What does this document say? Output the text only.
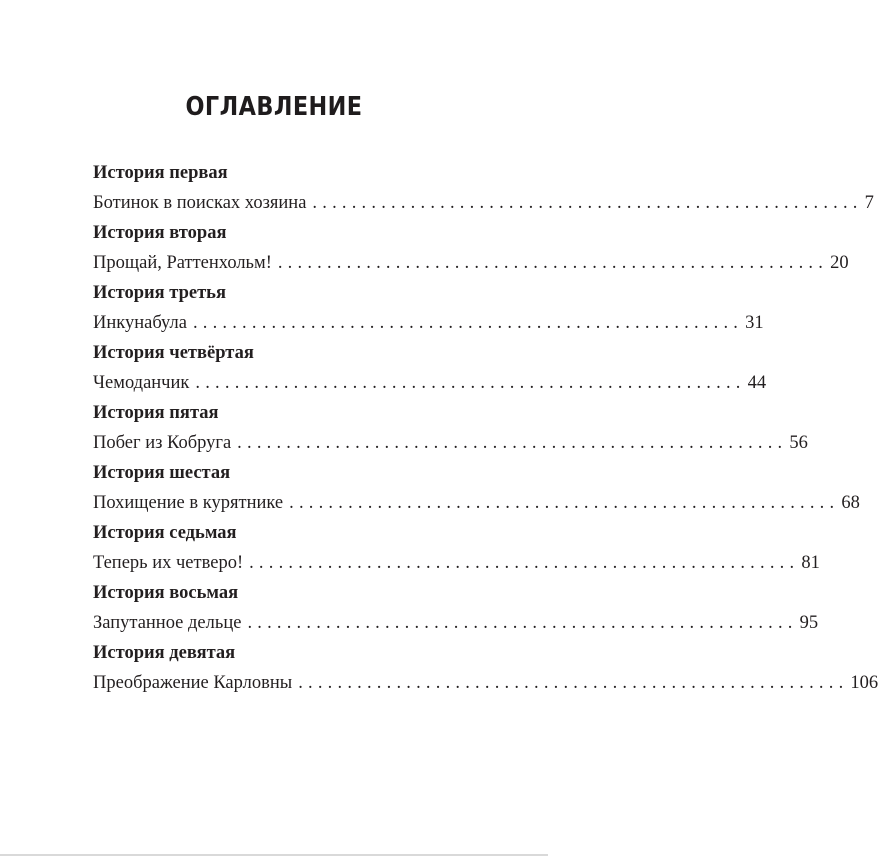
ОГЛАВЛЕНИЕ
История первая
Ботинок в поисках хозяина ........................................................ 7
История вторая
Прощай, Раттенхольм! ........................................................ 20
История третья
Инкунабула ........................................................ 31
История четвёртая
Чемоданчик ........................................................ 44
История пятая
Побег из Кобруга ........................................................ 56
История шестая
Похищение в курятнике ........................................................ 68
История седьмая
Теперь их четверо! ........................................................ 81
История восьмая
Запутанное дельце ........................................................ 95
История девятая
Преображение Карловны ........................................................ 106
